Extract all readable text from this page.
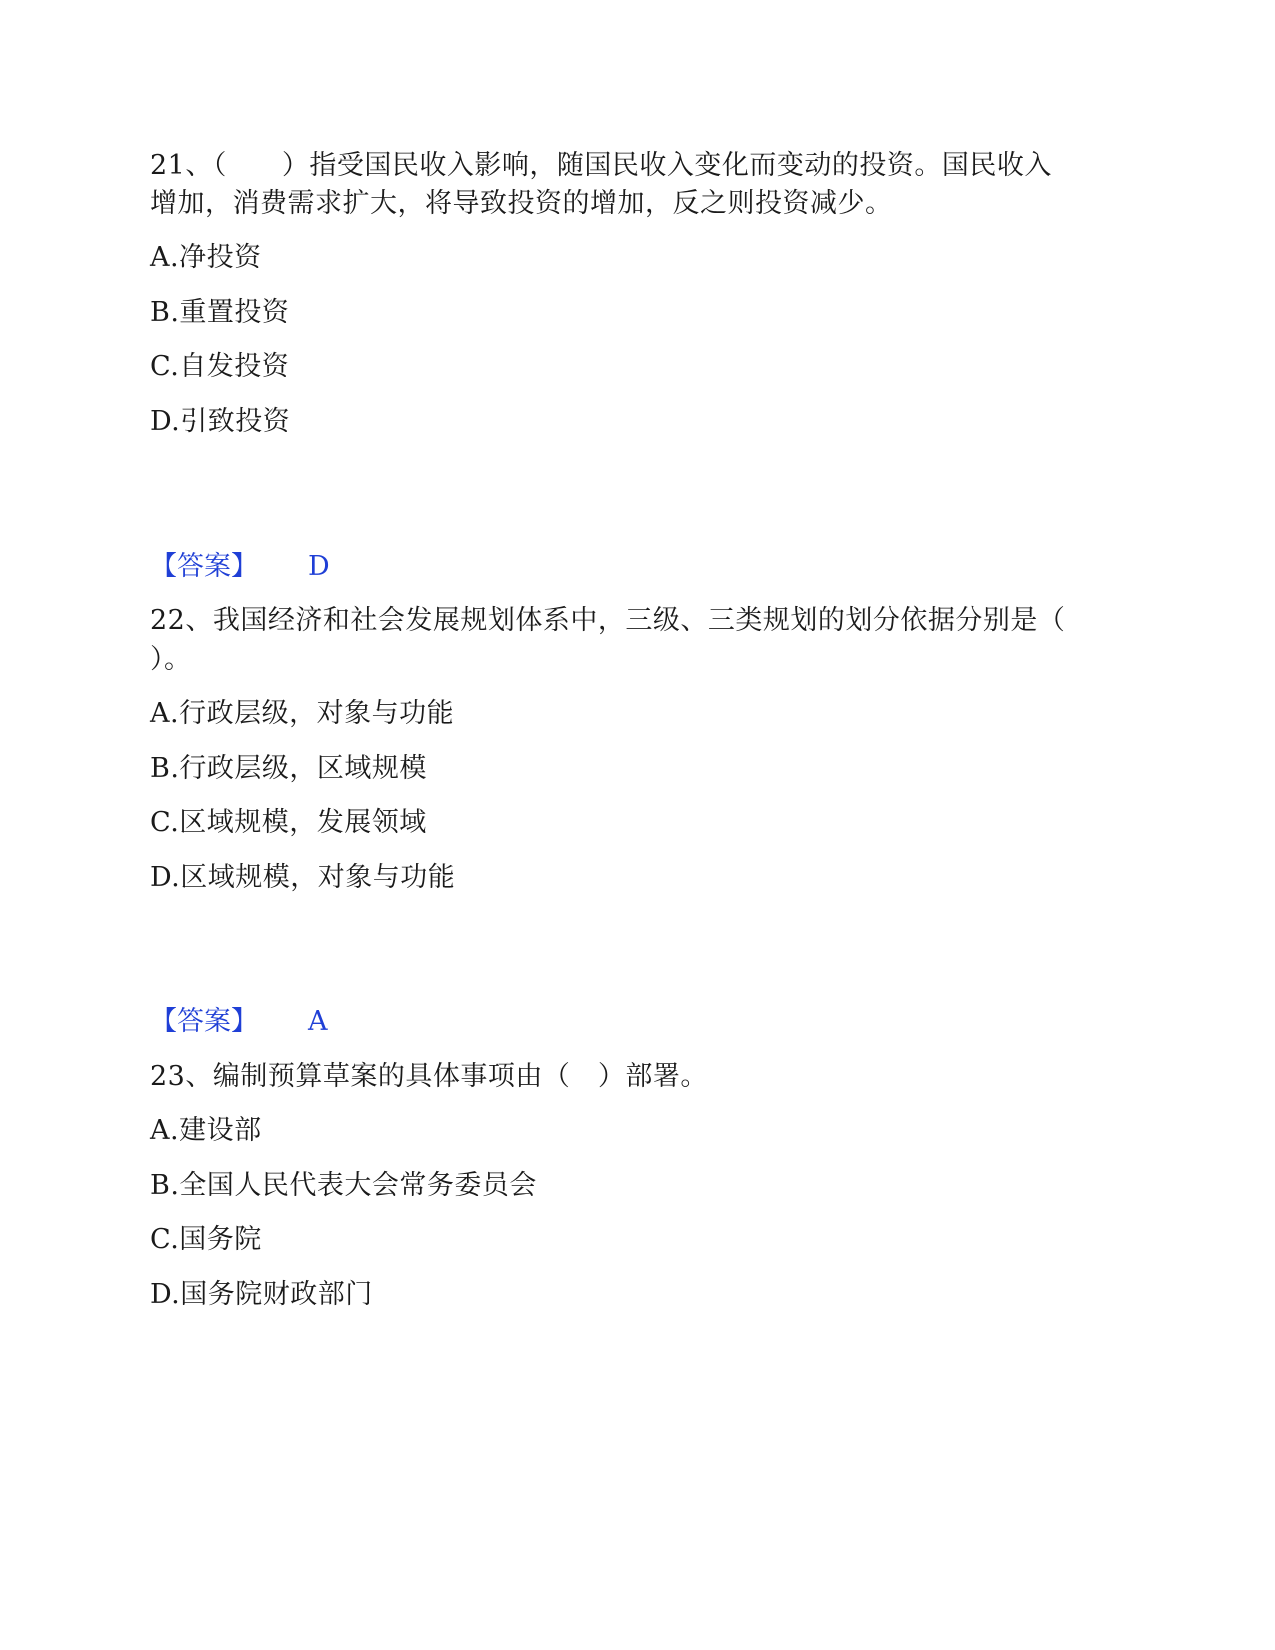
21、（　　）指受国民收入影响，随国民收入变化而变动的投资。国民收入
增加，消费需求扩大，将导致投资的增加，反之则投资减少。
A.净投资
B.重置投资
C.自发投资
D.引致投资
【答案】 D
22、我国经济和社会发展规划体系中，三级、三类规划的划分依据分别是（
）。
A.行政层级，对象与功能
B.行政层级，区域规模
C.区域规模，发展领域
D.区域规模，对象与功能
【答案】 A
23、编制预算草案的具体事项由（　）部署。
A.建设部
B.全国人民代表大会常务委员会
C.国务院
D.国务院财政部门
